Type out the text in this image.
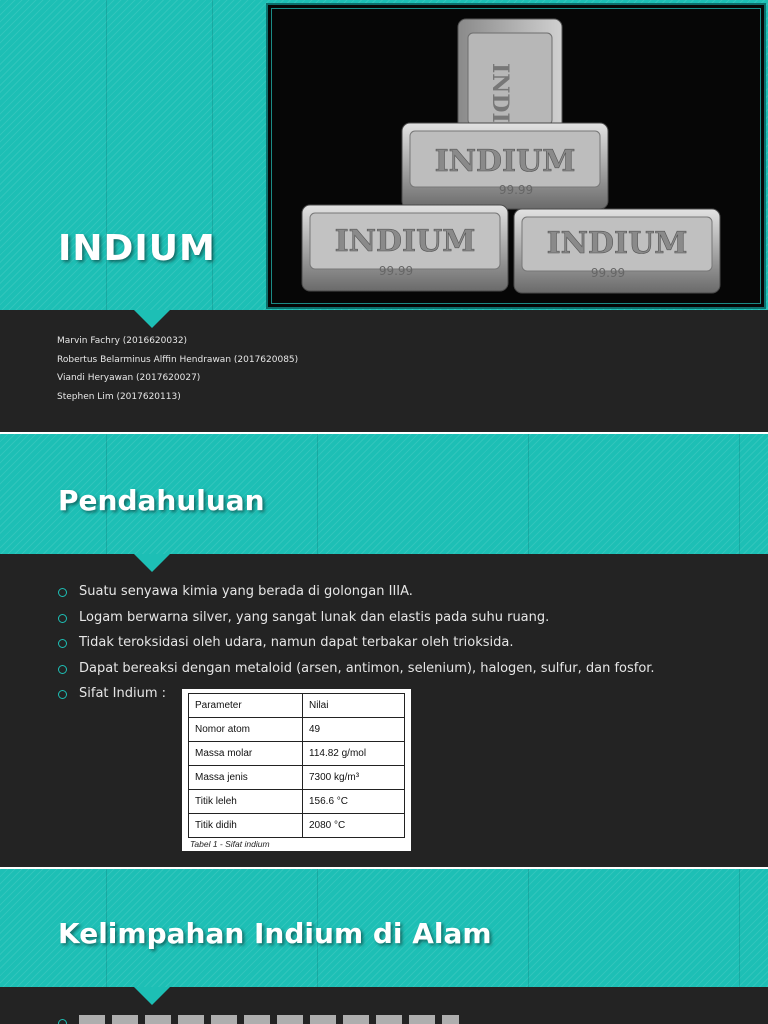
INDIUM
INDI
INDIUM
99.99
INDIUM
99.99
INDIUM
99.99
Marvin Fachry (2016620032)
Robertus Belarminus Alffin Hendrawan (2017620085)
Viandi Heryawan (2017620027)
Stephen Lim (2017620113)
Pendahuluan
Suatu senyawa kimia yang berada di golongan IIIA.
Logam berwarna silver, yang sangat lunak dan elastis pada suhu ruang.
Tidak teroksidasi oleh udara, namun dapat terbakar oleh trioksida.
Dapat bereaksi dengan metaloid (arsen, antimon, selenium), halogen, sulfur, dan fosfor.
Sifat Indium :
Parameter	Nilai
Nomor atom	49
Massa molar	114.82 g/mol
Massa jenis	7300 kg/m³
Titik leleh	156.6 °C
Titik didih	2080 °C
Tabel 1 - Sifat indium
Kelimpahan Indium di Alam
